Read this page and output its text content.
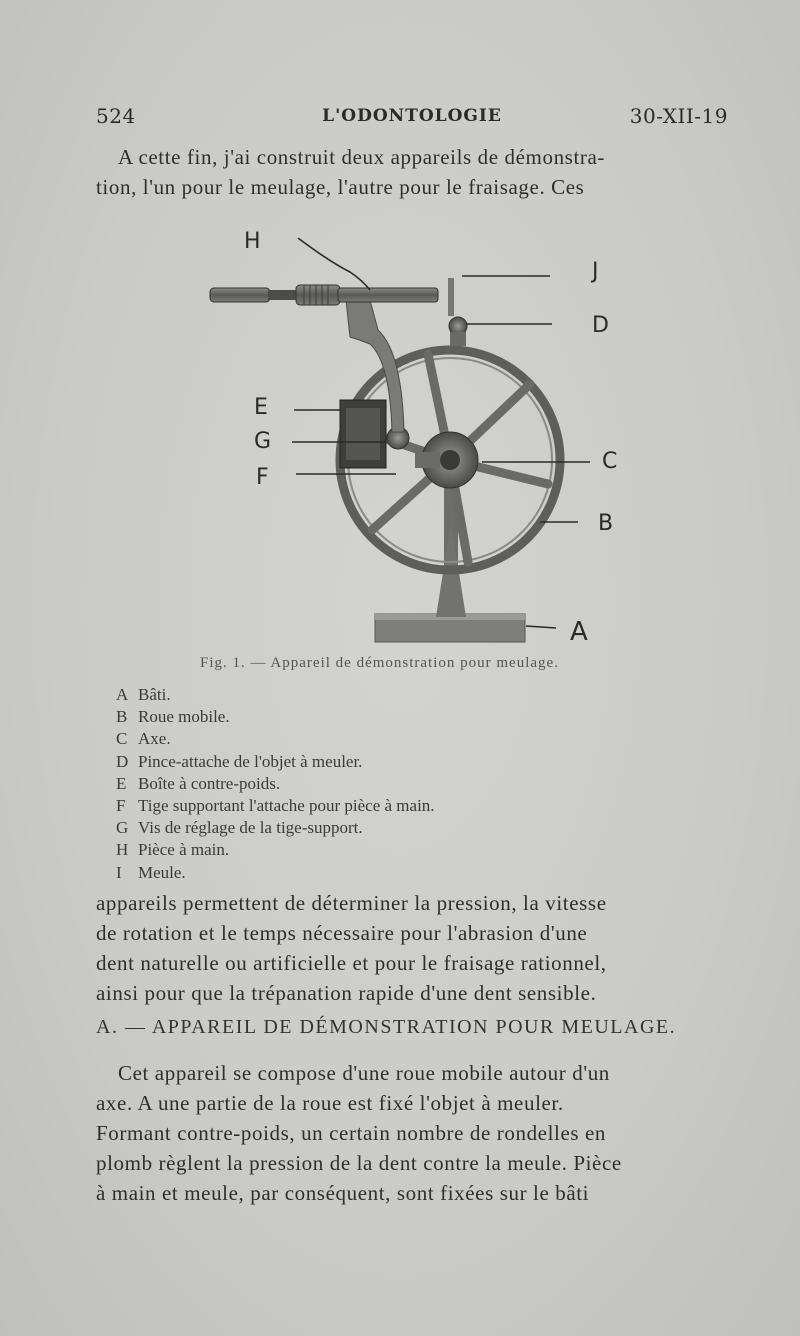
524	L'ODONTOLOGIE	30-XII-19
A cette fin, j'ai construit deux appareils de démonstra-
tion, l'un pour le meulage, l'autre pour le fraisage. Ces
H
J
D
E
G
F
C
B
A
Fig. 1. — Appareil de démonstration pour meulage.
A Bâti.
B Roue mobile.
C Axe.
D Pince-attache de l'objet à meuler.
E Boîte à contre-poids.
F Tige supportant l'attache pour pièce à main.
G Vis de réglage de la tige-support.
H Pièce à main.
I Meule.
appareils permettent de déterminer la pression, la vitesse
de rotation et le temps nécessaire pour l'abrasion d'une
dent naturelle ou artificielle et pour le fraisage rationnel,
ainsi pour que la trépanation rapide d'une dent sensible.
A. — APPAREIL DE DÉMONSTRATION POUR MEULAGE.
Cet appareil se compose d'une roue mobile autour d'un
axe. A une partie de la roue est fixé l'objet à meuler.
Formant contre-poids, un certain nombre de rondelles en
plomb règlent la pression de la dent contre la meule. Pièce
à main et meule, par conséquent, sont fixées sur le bâti
